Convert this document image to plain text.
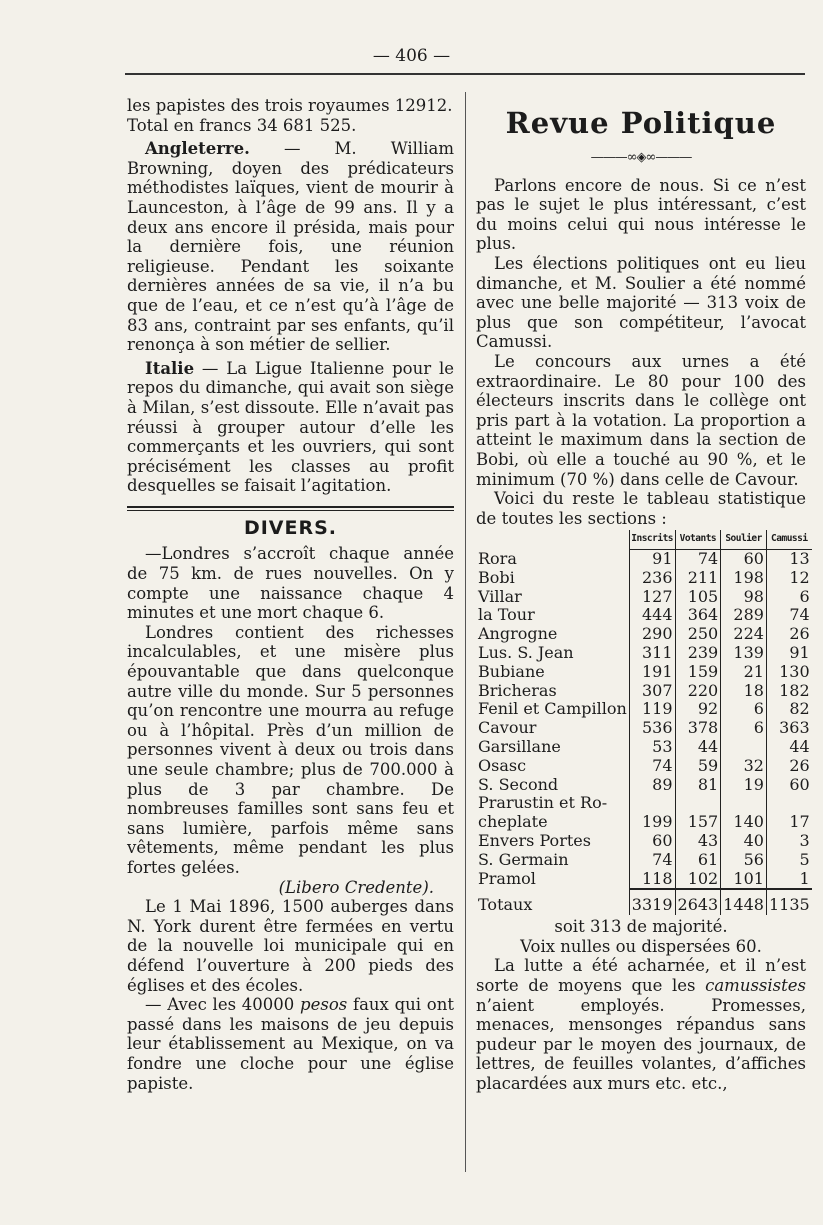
— 406 —

les papistes des trois royaumes 12912.

Total en francs 34 681 525.

Angleterre. — M. William Browning, doyen des prédicateurs méthodistes laïques, vient de mourir à Launceston, à l’âge de 99 ans. Il y a deux ans encore il présida, mais pour la dernière fois, une réunion religieuse. Pendant les soixante dernières années de sa vie, il n’a bu que de l’eau, et ce n’est qu’à l’âge de 83 ans, contraint par ses enfants, qu’il renonça à son métier de sellier.

Italie — La Ligue Italienne pour le repos du dimanche, qui avait son siège à Milan, s’est dissoute. Elle n’avait pas réussi à grouper autour d’elle les commerçants et les ouvriers, qui sont précisément les classes au profit desquelles se faisait l’agitation.

DIVERS.

—Londres s’accroît chaque année de 75 km. de rues nouvelles. On y compte une naissance chaque 4 minutes et une mort chaque 6.

Londres contient des richesses incalculables, et une misère plus épouvantable que dans quelconque autre ville du monde. Sur 5 personnes qu’on rencontre une mourra au refuge ou à l’hôpital. Près d’un million de personnes vivent à deux ou trois dans une seule chambre; plus de 700.000 à plus de 3 par chambre. De nombreuses familles sont sans feu et sans lumière, parfois même sans vêtements, même pendant les plus fortes gelées.

(Libero Credente).

Le 1 Mai 1896, 1500 auberges dans N. York durent être fermées en vertu de la nouvelle loi municipale qui en défend l’ouverture à 200 pieds des églises et des écoles.

— Avec les 40000 pesos faux qui ont passé dans les maisons de jeu depuis leur établissement au Mexique, on va fondre une cloche pour une église papiste.

Revue Politique
———∞◈∞———

Parlons encore de nous. Si ce n’est pas le sujet le plus intéressant, c’est du moins celui qui nous intéresse le plus.

Les élections politiques ont eu lieu dimanche, et M. Soulier a été nommé avec une belle majorité — 313 voix de plus que son compétiteur, l’avocat Camussi.

Le concours aux urnes a été extraordinaire. Le 80 pour 100 des électeurs inscrits dans le collège ont pris part à la votation. La proportion a atteint le maximum dans la section de Bobi, où elle a touché au 90 %, et le minimum (70 %) dans celle de Cavour.

Voici du reste le tableau statistique de toutes les sections :

	Inscrits	Votants	Soulier	Camussi
Rora	91	74	60	13
Bobi	236	211	198	12
Villar	127	105	98	6
la Tour	444	364	289	74
Angrogne	290	250	224	26
Lus. S. Jean	311	239	139	91
Bubiane	191	159	21	130
Bricheras	307	220	18	182
Fenil et Campillon	119	92	6	82
Cavour	536	378	6	363
Garsillane	53	44		44
Osasc	74	59	32	26
S. Second	89	81	19	60
Prarustin et Ro-				
cheplate	199	157	140	17
Envers Portes	60	43	40	3
S. Germain	74	61	56	5
Pramol	118	102	101	1
Totaux	3319	2643	1448	1135

soit 313 de majorité.

Voix nulles ou dispersées 60.

La lutte a été acharnée, et il n’est sorte de moyens que les camussistes n’aient employés. Promesses, menaces, mensonges répandus sans pudeur par le moyen des journaux, de lettres, de feuilles volantes, d’affiches placardées aux murs etc. etc.,
